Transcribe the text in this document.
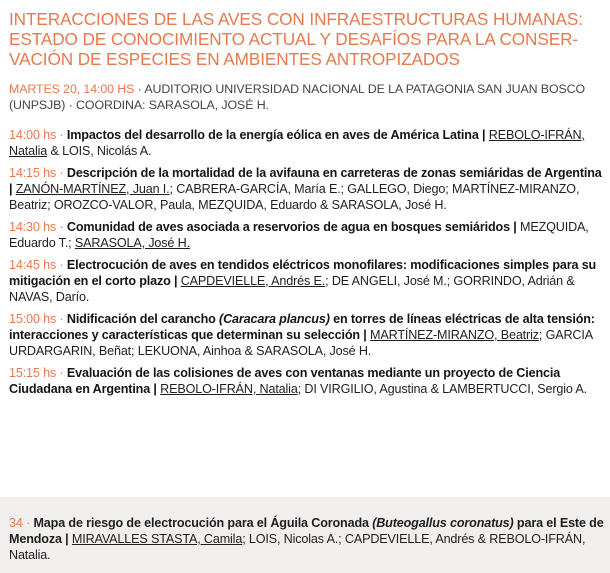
INTERACCIONES DE LAS AVES CON INFRAESTRUCTURAS HUMANAS:
ESTADO DE CONOCIMIENTO ACTUAL Y DESAFÍOS PARA LA CONSER-
VACIÓN DE ESPECIES EN AMBIENTES ANTROPIZADOS
MARTES 20, 14:00 HS · AUDITORIO UNIVERSIDAD NACIONAL DE LA PATAGONIA SAN JUAN BOSCO (UNPSJB) · COORDINA: SARASOLA, JOSÉ H.
14:00 hs · Impactos del desarrollo de la energía eólica en aves de América Latina | REBOLO-IFRÁN, Natalia & LOIS, Nicolás A.
14:15 hs · Descripción de la mortalidad de la avifauna en carreteras de zonas semiáridas de Argentina | ZANÓN-MARTÍNEZ, Juan I.; CABRERA-GARCÍA, María E.; GALLEGO, Diego; MARTÍNEZ-MIRANZO, Beatriz; OROZCO-VALOR, Paula, MEZQUIDA, Eduardo & SARASOLA, José H.
14:30 hs · Comunidad de aves asociada a reservorios de agua en bosques semiáridos | MEZQUIDA, Eduardo T.; SARASOLA, José H.
14:45 hs · Electrocución de aves en tendidos eléctricos monofilares: modificaciones simples para su mitigación en el corto plazo | CAPDEVIELLE, Andrés E.; DE ANGELI, José M.; GORRINDO, Adrián & NAVAS, Darío.
15:00 hs · Nidificación del carancho (Caracara plancus) en torres de líneas eléctricas de alta tensión: interacciones y características que determinan su selección | MARTÍNEZ-MIRANZO, Beatriz; GARCIA URDARGARIN, Beñat; LEKUONA, Ainhoa & SARASOLA, José H.
15:15 hs · Evaluación de las colisiones de aves con ventanas mediante un proyecto de Ciencia Ciudadana en Argentina | REBOLO-IFRÁN, Natalia; DI VIRGILIO, Agustina & LAMBERTUCCI, Sergio A.
34 · Mapa de riesgo de electrocución para el Águila Coronada (Buteogallus coronatus) para el Este de Mendoza | MIRAVALLES STASTA, Camila; LOIS, Nicolas A.; CAPDEVIELLE, Andrés & REBOLO-IFRÁN, Natalia.
